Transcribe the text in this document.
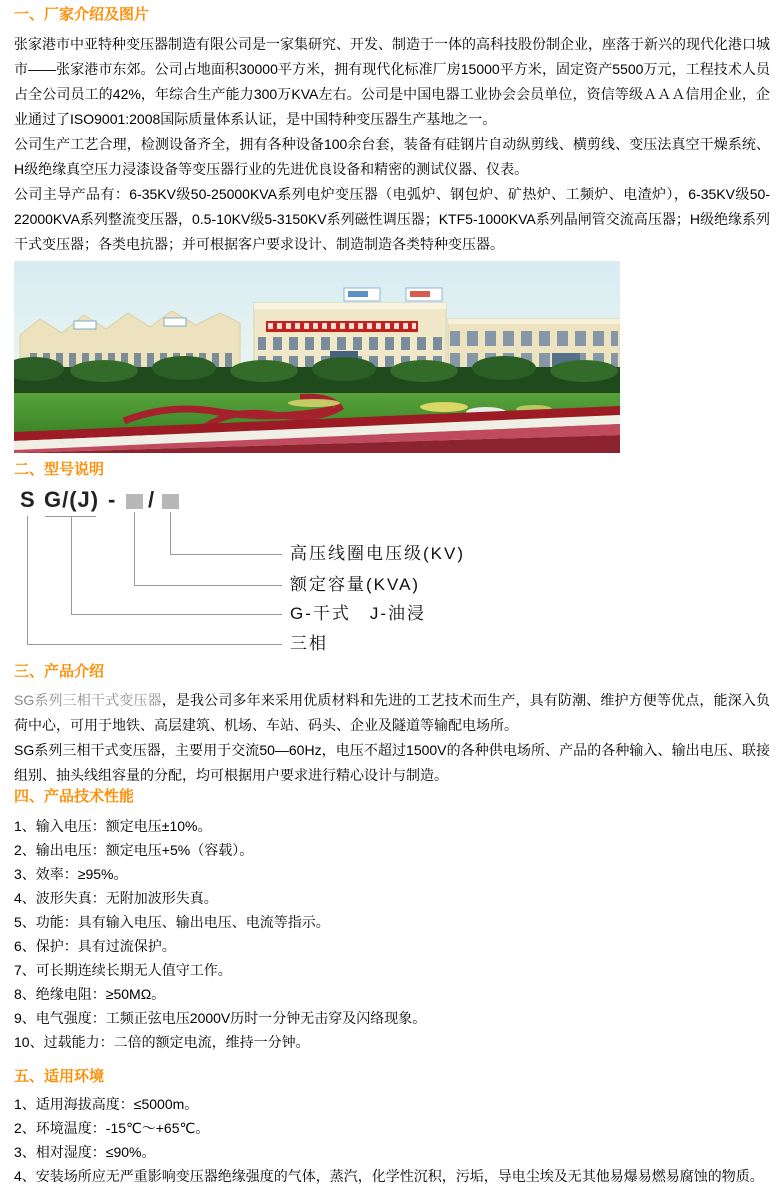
一、厂家介绍及图片

张家港市中亚特种变压器制造有限公司是一家集研究、开发、制造于一体的高科技股份制企业，座落于新兴的现代化港口城市——张家港市东郊。公司占地面积30000平方米，拥有现代化标准厂房15000平方米，固定资产5500万元，工程技术人员占全公司员工的42%，年综合生产能力300万KVA左右。公司是中国电器工业协会会员单位，资信等级ＡＡＡ信用企业，企业通过了ISO9001:2008国际质量体系认证，是中国特种变压器生产基地之一。

公司生产工艺合理，检测设备齐全，拥有各种设备100余台套，装备有硅钢片自动纵剪线、横剪线、变压法真空干燥系统、H级绝缘真空压力浸漆设备等变压器行业的先进优良设备和精密的测试仪器、仪表。

公司主导产品有：6-35KV级50-25000KVA系列电炉变压器（电弧炉、钢包炉、矿热炉、工频炉、电渣炉），6-35KV级50-22000KVA系列整流变压器，0.5-10KV级5-3150KV系列磁性调压器；KTF5-1000KVA系列晶闸管交流高压器；H级绝缘系列干式变压器；各类电抗器；并可根据客户要求设计、制造制造各类特种变压器。

二、型号说明
S G/(J) - /
高压线圈电压级(KV)
额定容量(KVA)
G-干式　J-油浸
三相
三、产品介绍

SG系列三相干式变压器，是我公司多年来采用优质材料和先进的工艺技术而生产，具有防潮、维护方便等优点，能深入负荷中心，可用于地铁、高层建筑、机场、车站、码头、企业及隧道等输配电场所。

SG系列三相干式变压器，主要用于交流50—60Hz，电压不超过1500V的各种供电场所、产品的各种输入、输出电压、联接组别、抽头线组容量的分配，均可根据用户要求进行精心设计与制造。

四、产品技术性能
1、输入电压：额定电压±10%。
2、输出电压：额定电压+5%（容载）。
3、效率：≥95%。
4、波形失真：无附加波形失真。
5、功能：具有输入电压、输出电压、电流等指示。
6、保护：具有过流保护。
7、可长期连续长期无人值守工作。
8、绝缘电阻：≥50MΩ。
9、电气强度：工频正弦电压2000V历时一分钟无击穿及闪络现象。
10、过载能力：二倍的额定电流，维持一分钟。
五、适用环境
1、适用海拔高度：≤5000m。
2、环境温度：-15℃～+65℃。
3、相对湿度：≤90%。
4、安装场所应无严重影响变压器绝缘强度的气体，蒸汽，化学性沉积，污垢，导电尘埃及无其他易爆易燃易腐蚀的物质。
